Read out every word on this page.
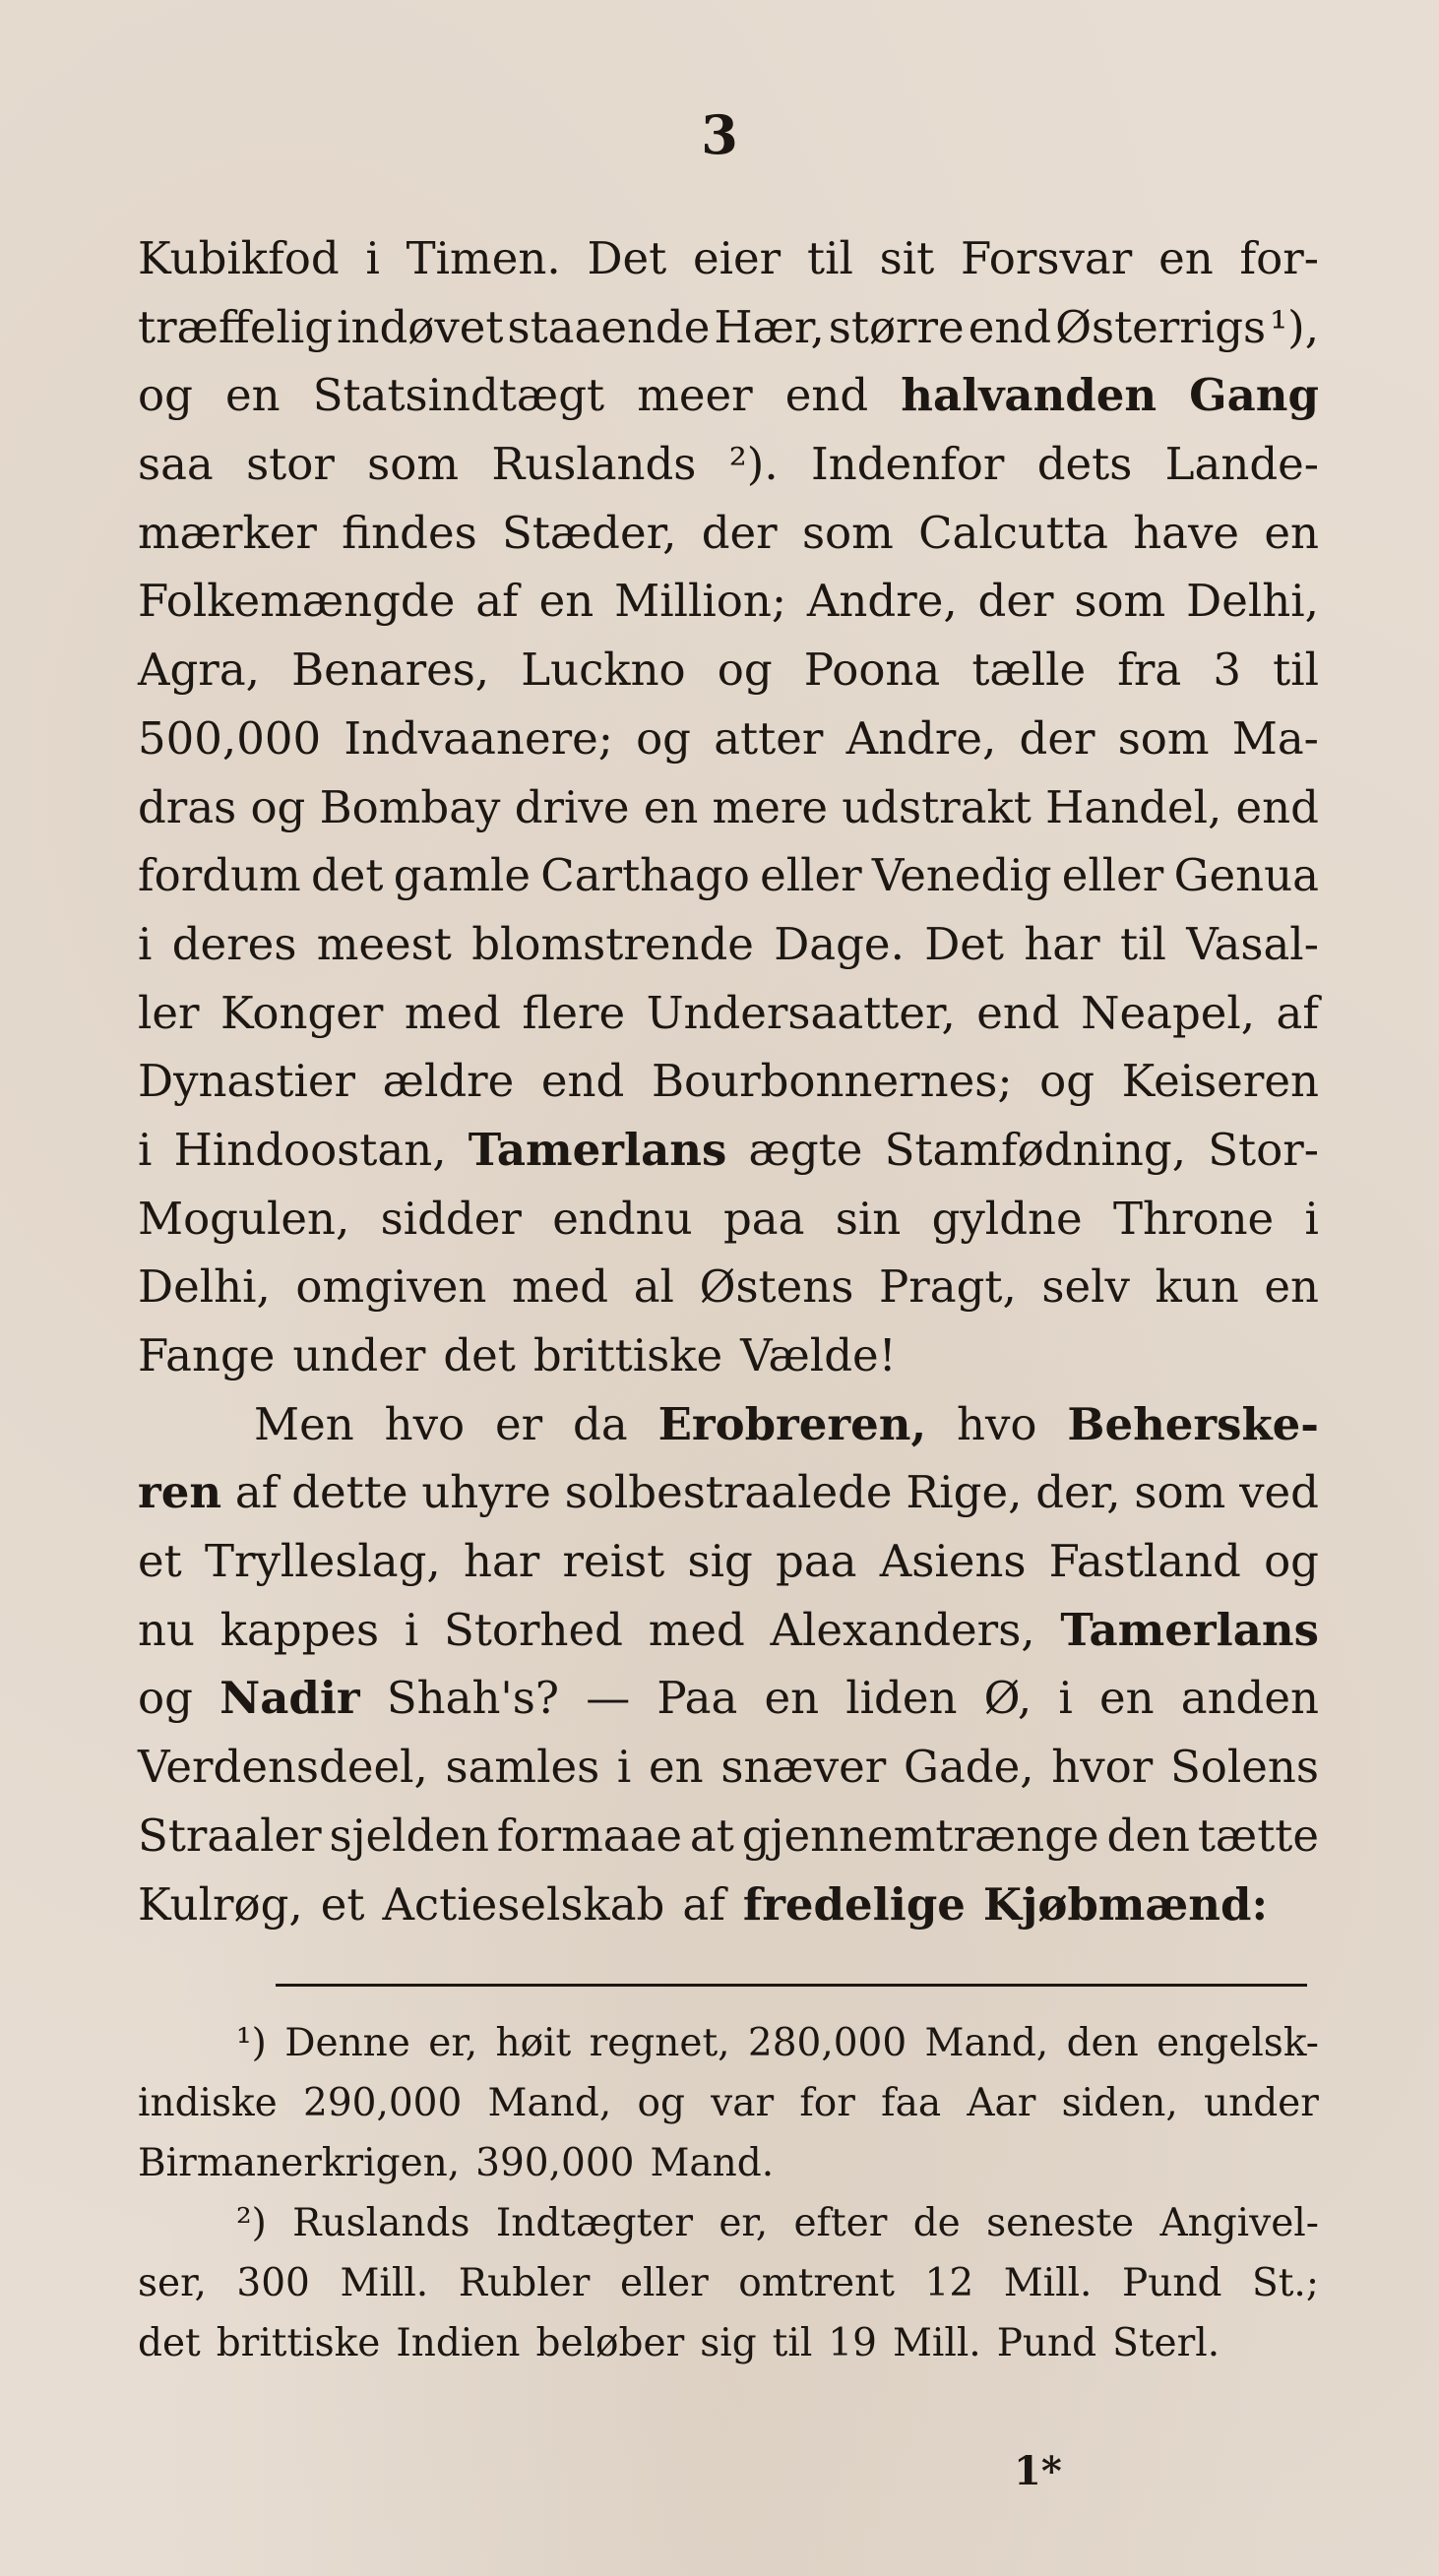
3
Kubikfod i Timen. Det eier til sit Forsvar en for-
træffelig indøvet staaende Hær, større end Østerrigs ¹),
og en Statsindtægt meer end halvanden Gang
saa stor som Ruslands ²). Indenfor dets Lande-
mærker findes Stæder, der som Calcutta have en
Folkemængde af en Million; Andre, der som Delhi,
Agra, Benares, Luckno og Poona tælle fra 3 til
500,000 Indvaanere; og atter Andre, der som Ma-
dras og Bombay drive en mere udstrakt Handel, end
fordum det gamle Carthago eller Venedig eller Genua
i deres meest blomstrende Dage. Det har til Vasal-
ler Konger med flere Undersaatter, end Neapel, af
Dynastier ældre end Bourbonnernes; og Keiseren
i Hindoostan, Tamerlans ægte Stamfødning, Stor-
Mogulen, sidder endnu paa sin gyldne Throne i
Delhi, omgiven med al Østens Pragt, selv kun en
Fange under det brittiske Vælde!
Men hvo er da Erobreren, hvo Beherske-
ren af dette uhyre solbestraalede Rige, der, som ved
et Trylleslag, har reist sig paa Asiens Fastland og
nu kappes i Storhed med Alexanders, Tamerlans
og Nadir Shah's? — Paa en liden Ø, i en anden
Verdensdeel, samles i en snæver Gade, hvor Solens
Straaler sjelden formaae at gjennemtrænge den tætte
Kulrøg, et Actieselskab af fredelige Kjøbmænd:
¹) Denne er, høit regnet, 280,000 Mand, den engelsk-
indiske 290,000 Mand, og var for faa Aar siden, under
Birmanerkrigen, 390,000 Mand.
²) Ruslands Indtægter er, efter de seneste Angivel-
ser, 300 Mill. Rubler eller omtrent 12 Mill. Pund St.;
det brittiske Indien beløber sig til 19 Mill. Pund Sterl.
1*
